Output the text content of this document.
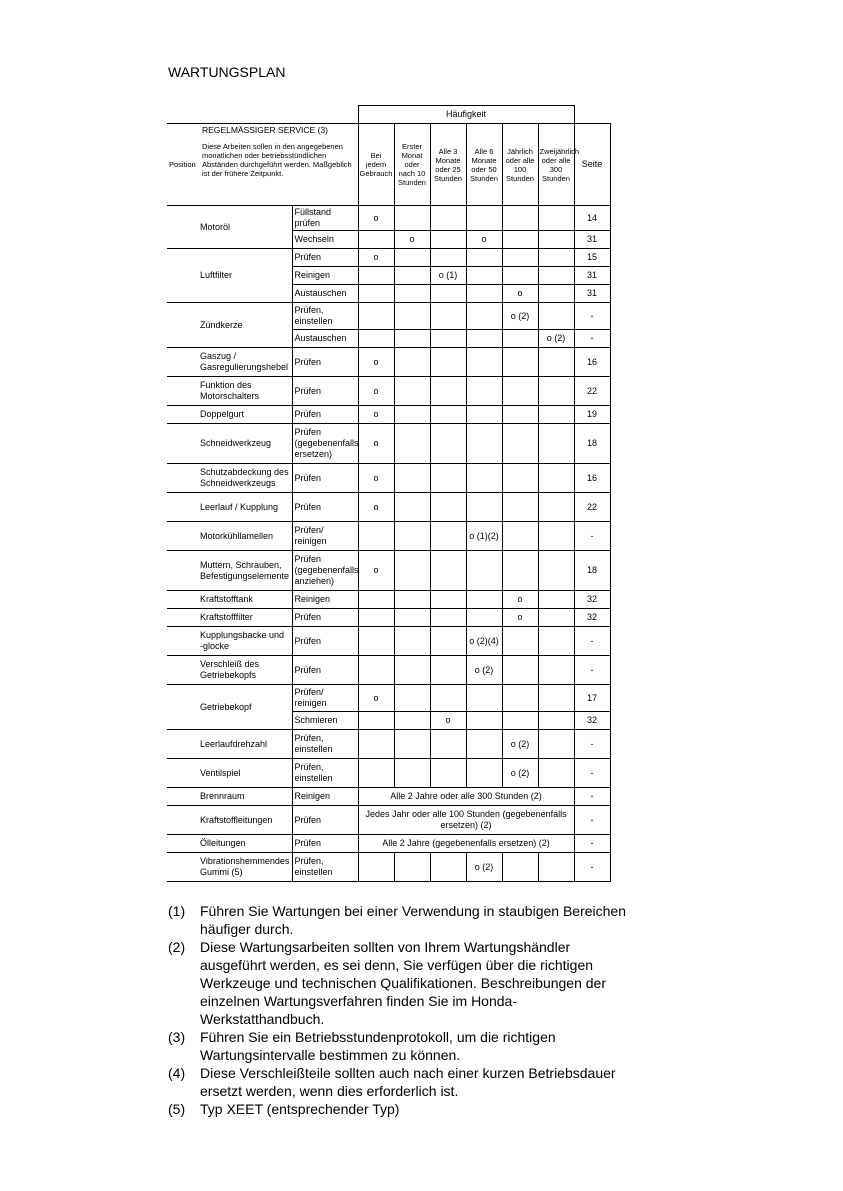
WARTUNGSPLAN
		Häufigkeit						

Position
REGELMÄSSIGER SERVICE (3)
Diese Arbeiten sollen in den angegebenen monatlichen oder betriebsstündlichen Abständen durchgeführt werden. Maßgeblich ist der frühere Zeitpunkt.		Bei jedem Gebrauch	Erster Monat oder nach 10 Stunden	Alle 3 Monate oder 25 Stunden	Alle 6 Monate oder 50 Stunden	Jährlich oder alle 100 Stunden	Zweijährlich oder alle 300 Stunden	Seite
Motoröl	Füllstand prüfen	o						14
	Wechseln		o		o			31
Luftfilter	Prüfen	o						15
	Reinigen			o (1)				31
	Austauschen					o		31
Zündkerze	Prüfen, einstellen					o (2)		-
	Austauschen						o (2)	-
Gaszug / Gasregulierungshebel	Prüfen	o						16
Funktion des Motorschalters	Prüfen	o						22
Doppelgurt	Prüfen	o						19
Schneidwerkzeug	Prüfen (gegebenenfalls ersetzen)	o						18
Schutzabdeckung des Schneidwerkzeugs	Prüfen	o						16
Leerlauf / Kupplung	Prüfen	o						22
Motorkühllamellen	Prüfen/ reinigen				o (1)(2)			-
Muttern, Schrauben, Befestigungselemente	Prüfen (gegebenenfalls anziehen)	o						18
Kraftstofftank	Reinigen					o		32
Kraftstofffilter	Prüfen					o		32
Kupplungsbacke und -glocke	Prüfen				o (2)(4)			-
Verschleiß des Getriebekopfs	Prüfen				o (2)			-
Getriebekopf	Prüfen/ reinigen	o						17
	Schmieren			o				32
Leerlaufdrehzahl	Prüfen, einstellen					o (2)		-
Ventilspiel	Prüfen, einstellen					o (2)		-
Brennraum	Reinigen	Alle 2 Jahre oder alle 300 Stunden (2)						-
Kraftstoffleitungen	Prüfen	Jedes Jahr oder alle 100 Stunden (gegebenenfalls ersetzen) (2)						-
Ölleitungen	Prüfen	Alle 2 Jahre (gegebenenfalls ersetzen) (2)						-
Vibrationshemmendes Gummi (5)	Prüfen, einstellen				o (2)			-
(1)	Führen Sie Wartungen bei einer Verwendung in staubigen Bereichen häufiger durch.
(2)	Diese Wartungsarbeiten sollten von Ihrem Wartungshändler ausgeführt werden, es sei denn, Sie verfügen über die richtigen Werkzeuge und technischen Qualifikationen. Beschreibungen der einzelnen Wartungsverfahren finden Sie im Honda-Werkstatthandbuch.
(3)	Führen Sie ein Betriebsstundenprotokoll, um die richtigen Wartungsintervalle bestimmen zu können.
(4)	Diese Verschleißteile sollten auch nach einer kurzen Betriebsdauer ersetzt werden, wenn dies erforderlich ist.
(5)	Typ XEET (entsprechender Typ)
